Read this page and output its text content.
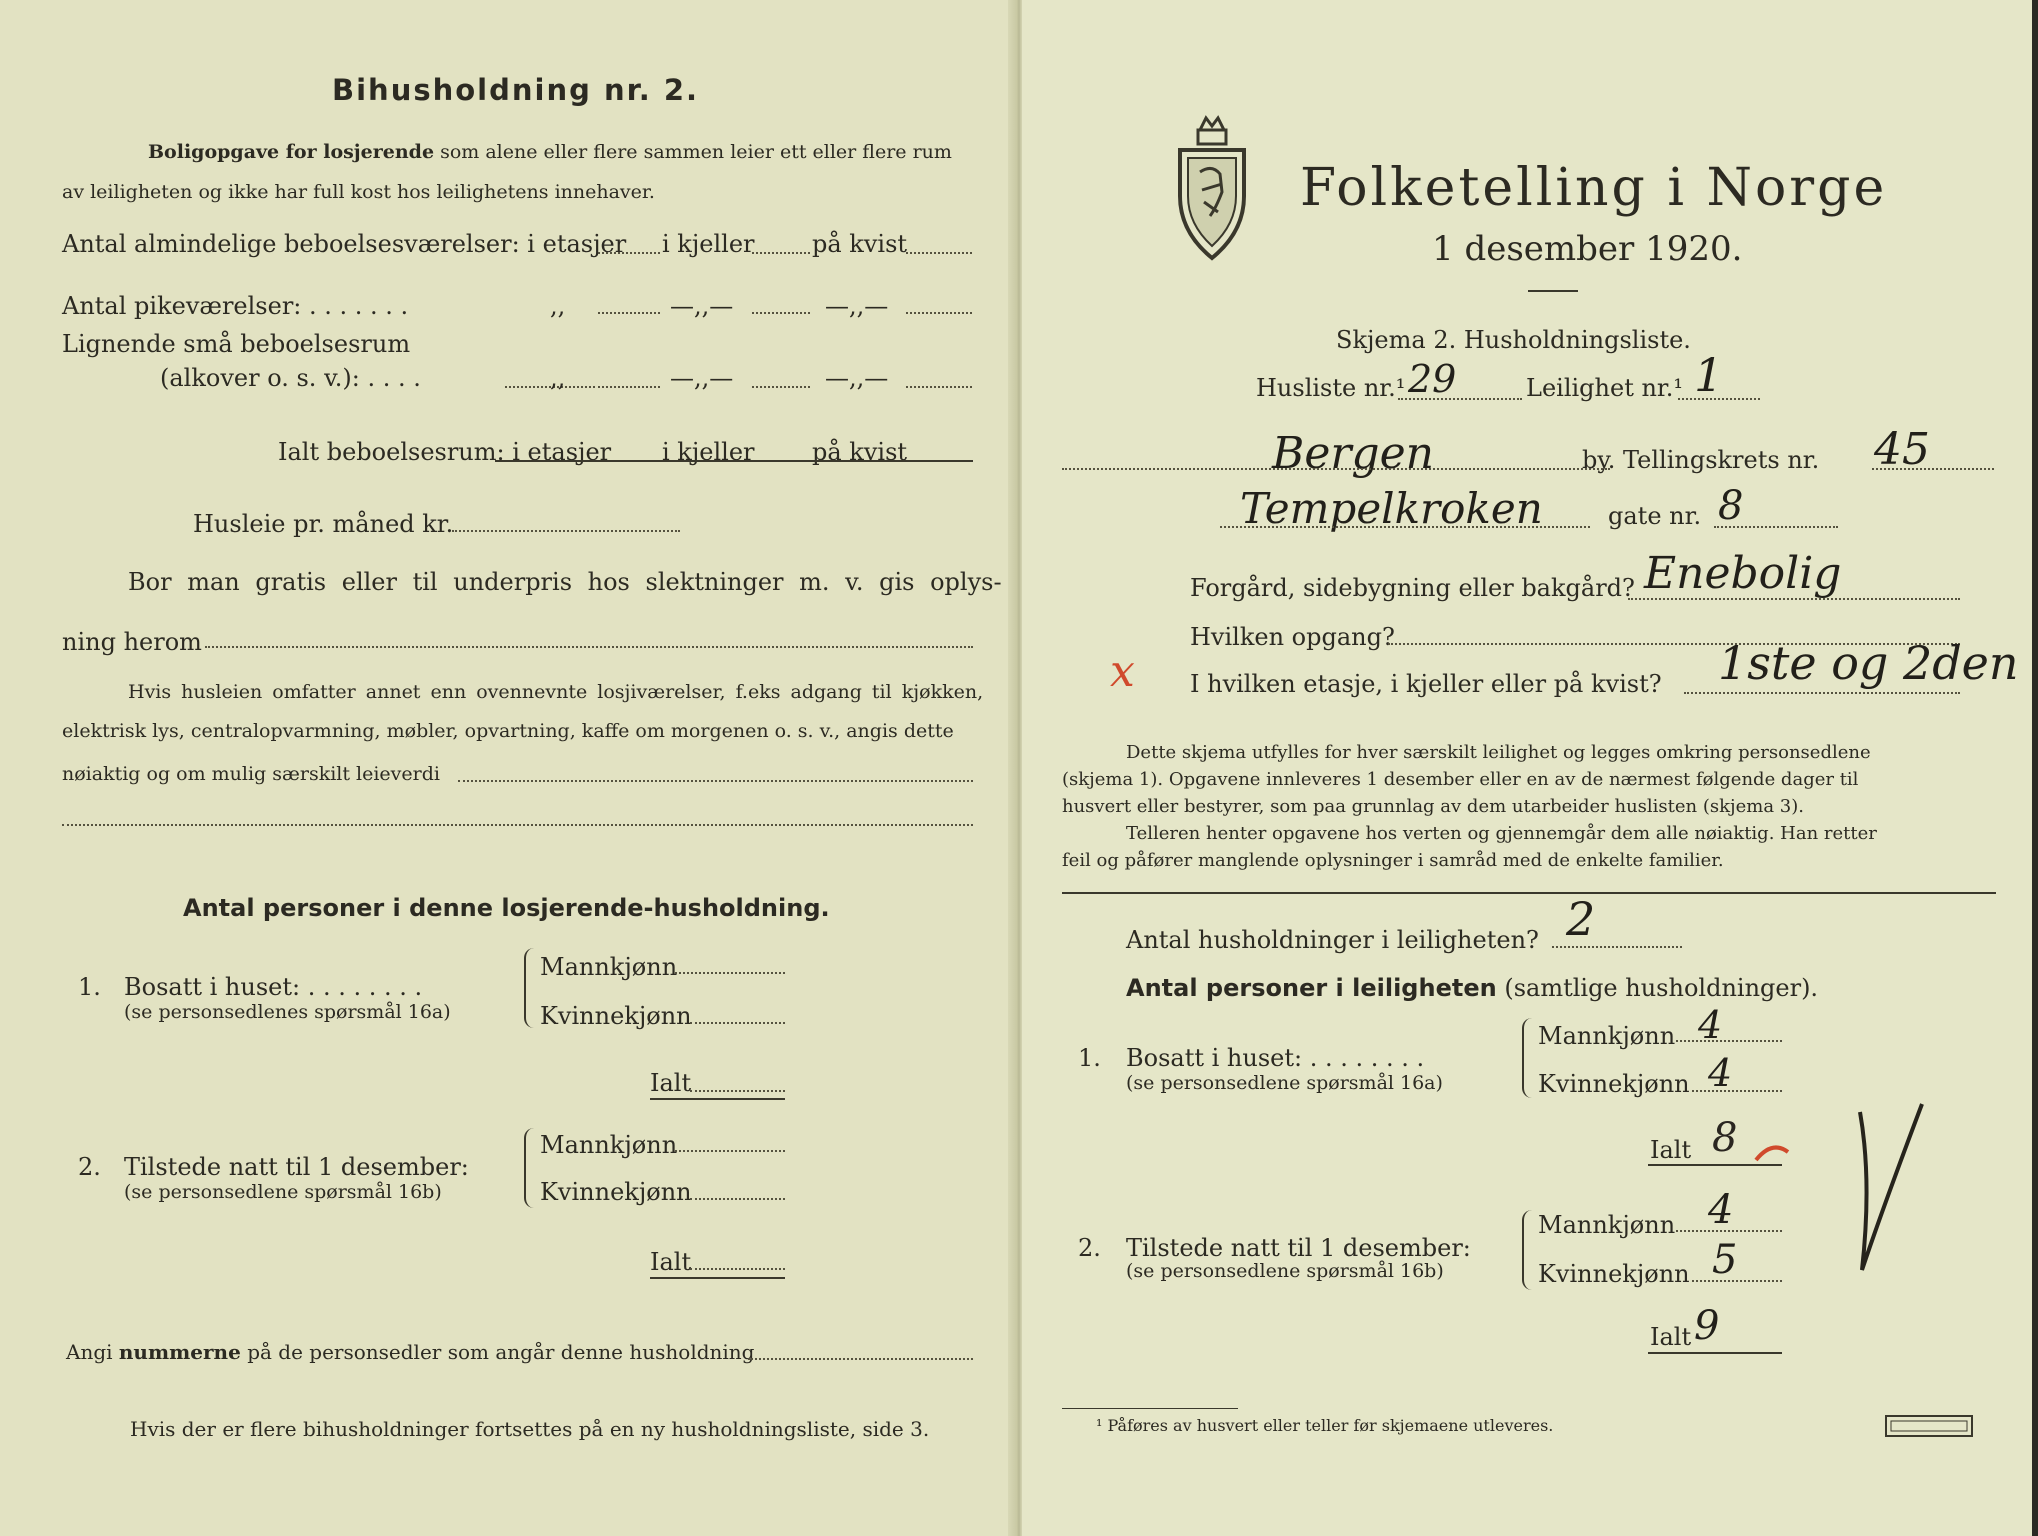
Bihusholdning nr. 2.
Boligopgave for losjerende som alene eller flere sammen leier ett eller flere rum
av leiligheten og ikke har full kost hos leilighetens innehaver.
Antal almindelige beboelsesværelser: i etasjer i kjeller på kvist
Antal pikeværelser: . . . . . . .	,,	—,,—	—,,—
Lignende små beboelsesrum
(alkover o. s. v.): . . . .	,,	—,,—	—,,—
Ialt beboelsesrum: i etasjer i kjeller på kvist
Husleie pr. måned kr.
Bor man gratis eller til underpris hos slektninger m. v. gis oplys-
ning herom
Hvis husleien omfatter annet enn ovennevnte losjiværelser, f.eks adgang til kjøkken,
elektrisk lys, centralopvarmning, møbler, opvartning, kaffe om morgenen o. s. v., angis dette
nøiaktig og om mulig særskilt leieverdi
Antal personer i denne losjerende-husholdning.
1. Bosatt i huset: . . . . . . . .
(se personsedlenes spørsmål 16a)
Mannkjønn
Kvinnekjønn
Ialt
2. Tilstede natt til 1 desember:
(se personsedlene spørsmål 16b)
Mannkjønn
Kvinnekjønn
Ialt
Angi nummerne på de personsedler som angår denne husholdning
Hvis der er flere bihusholdninger fortsettes på en ny husholdningsliste, side 3.
Folketelling i Norge
1 desember 1920.
Skjema 2. Husholdningsliste.
Husliste nr.¹ 29	Leilighet nr.¹ 1
Bergen	by. Tellingskrets nr. 45
Tempelkroken	gate nr. 8
Forgård, sidebygning eller bakgård? Enebolig
Hvilken opgang?
x I hvilken etasje, i kjeller eller på kvist? 1ste og 2den
Dette skjema utfylles for hver særskilt leilighet og legges omkring personsedlene
(skjema 1). Opgavene innleveres 1 desember eller en av de nærmest følgende dager til
husvert eller bestyrer, som paa grunnlag av dem utarbeider huslisten (skjema 3).
Telleren henter opgavene hos verten og gjennemgår dem alle nøiaktig. Han retter
feil og påfører manglende oplysninger i samråd med de enkelte familier.
Antal husholdninger i leiligheten? 2
Antal personer i leiligheten (samtlige husholdninger).
1. Bosatt i huset: . . . . . . . .
(se personsedlene spørsmål 16a)
Mannkjønn 4
Kvinnekjønn 4
Ialt 8
2. Tilstede natt til 1 desember:
(se personsedlene spørsmål 16b)
Mannkjønn 4
Kvinnekjønn 5
Ialt 9
¹ Påføres av husvert eller teller før skjemaene utleveres.
